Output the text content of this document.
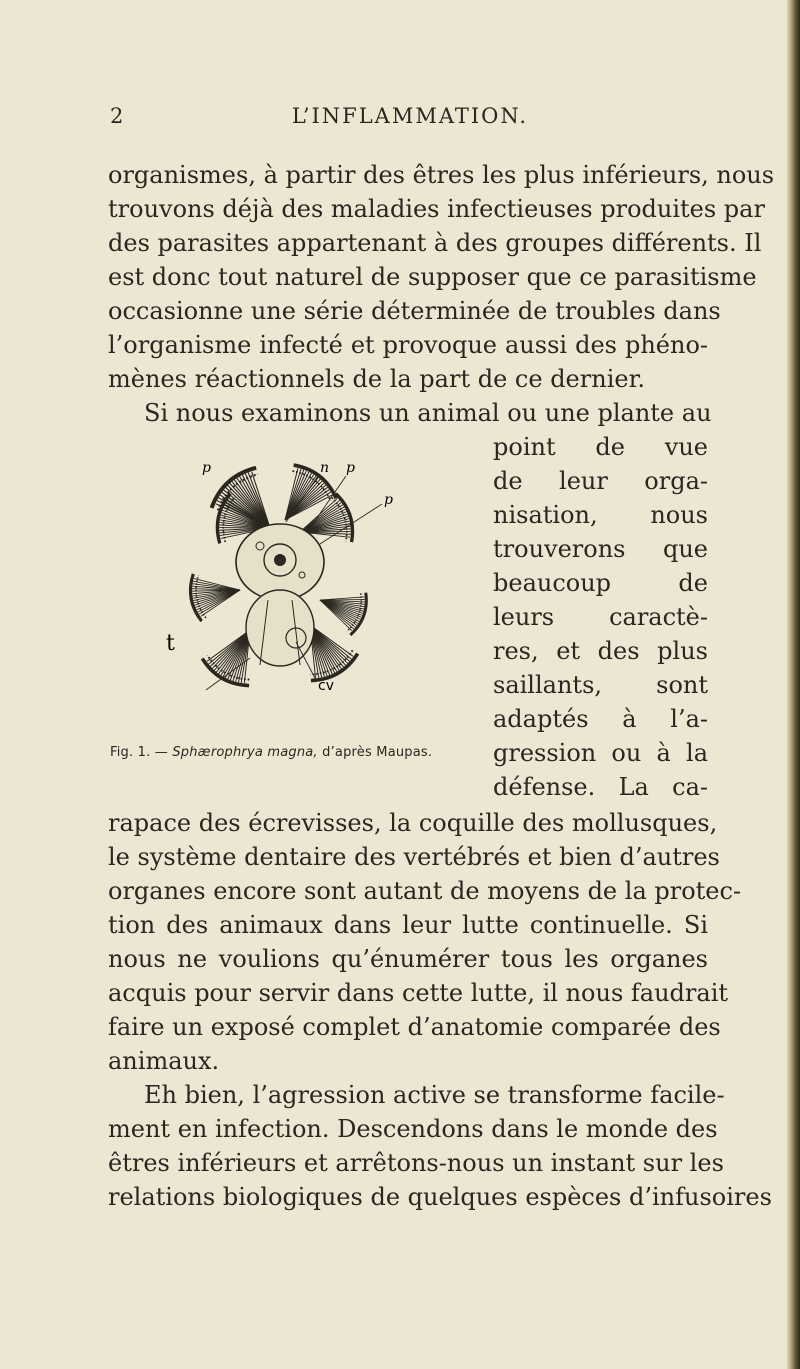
2	L’INFLAMMATION.
organismes, à partir des êtres les plus inférieurs, nous
trouvons déjà des maladies infectieuses produites par
des parasites appartenant à des groupes différents. Il
est donc tout naturel de supposer que ce parasitisme
occasionne une série déterminée de troubles dans
l’organisme infecté et provoque aussi des phéno-
mènes réactionnels de la part de ce dernier.
Si nous examinons un animal ou une plante au
point de vue
de leur orga-
nisation, nous
trouverons que
beaucoup de
leurs caractè-
res, et des plus
saillants, sont
adaptés à l’a-
gression ou à la
défense. La ca-
rapace des écrevisses, la coquille des mollusques,
le système dentaire des vertébrés et bien d’autres
organes encore sont autant de moyens de la protec-
tion des animaux dans leur lutte continuelle. Si
nous ne voulions qu’énumérer tous les organes
acquis pour servir dans cette lutte, il nous faudrait
faire un exposé complet d’anatomie comparée des
animaux.
Eh bien, l’agression active se transforme facile-
ment en infection. Descendons dans le monde des
êtres inférieurs et arrêtons-nous un instant sur les
relations biologiques de quelques espèces d’infusoires
n p
p
p
t
cv
Fig. 1. — Sphærophrya magna, d’après Maupas.
